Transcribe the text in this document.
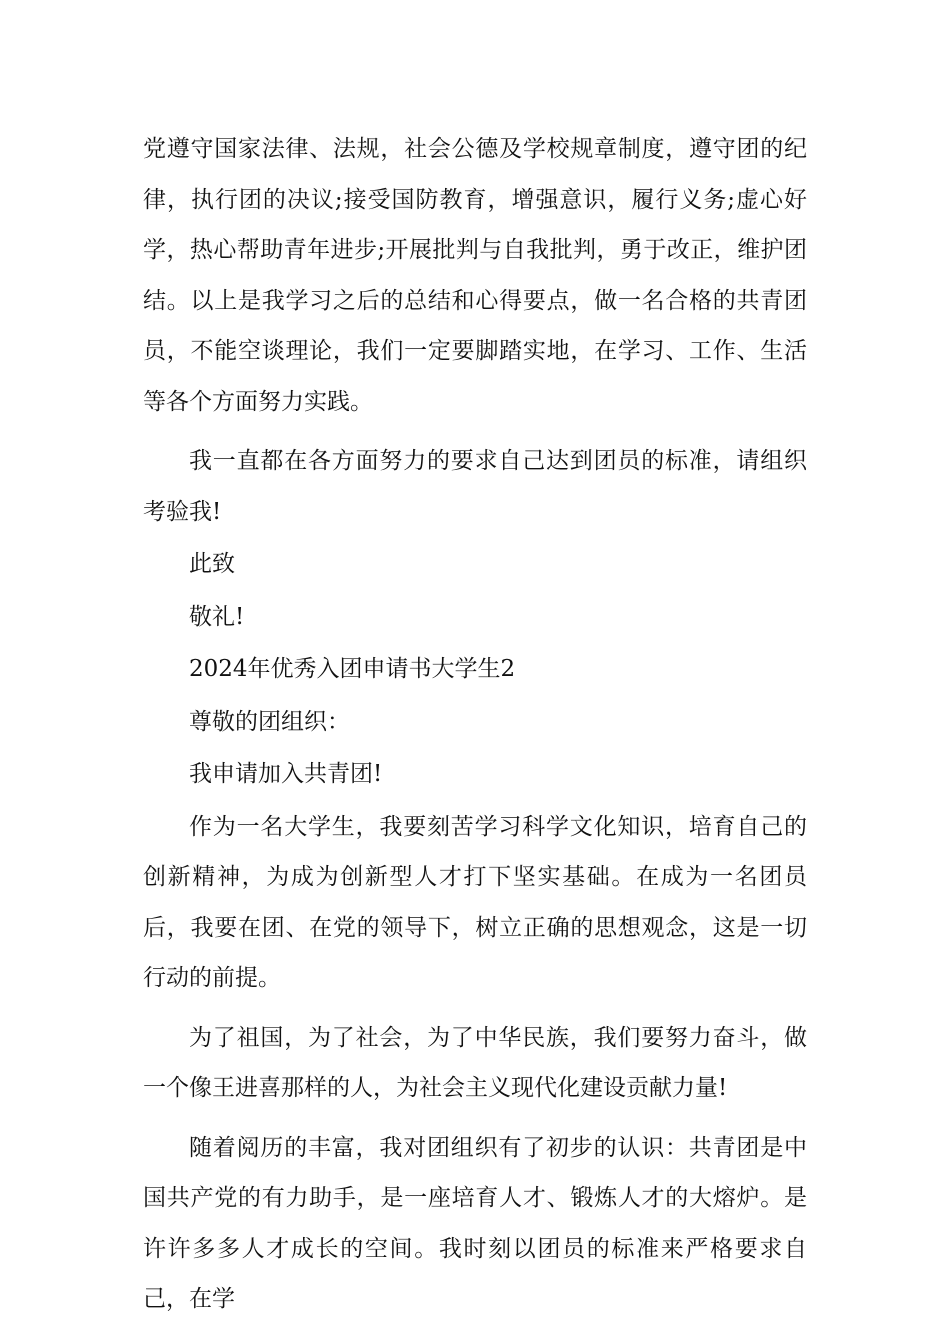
党遵守国家法律、法规，社会公德及学校规章制度，遵守团的纪律，执行团的决议;接受国防教育，增强意识，履行义务;虚心好学，热心帮助青年进步;开展批判与自我批判，勇于改正，维护团结。以上是我学习之后的总结和心得要点，做一名合格的共青团员，不能空谈理论，我们一定要脚踏实地，在学习、工作、生活等各个方面努力实践。

我一直都在各方面努力的要求自己达到团员的标准，请组织考验我!

此致

敬礼!

2024年优秀入团申请书大学生2

尊敬的团组织：

我申请加入共青团!

作为一名大学生，我要刻苦学习科学文化知识，培育自己的创新精神，为成为创新型人才打下坚实基础。在成为一名团员后，我要在团、在党的领导下，树立正确的思想观念，这是一切行动的前提。

为了祖国，为了社会，为了中华民族，我们要努力奋斗，做一个像王进喜那样的人，为社会主义现代化建设贡献力量!

随着阅历的丰富，我对团组织有了初步的认识：共青团是中国共产党的有力助手，是一座培育人才、锻炼人才的大熔炉。是许许多多人才成长的空间。我时刻以团员的标准来严格要求自己，在学
